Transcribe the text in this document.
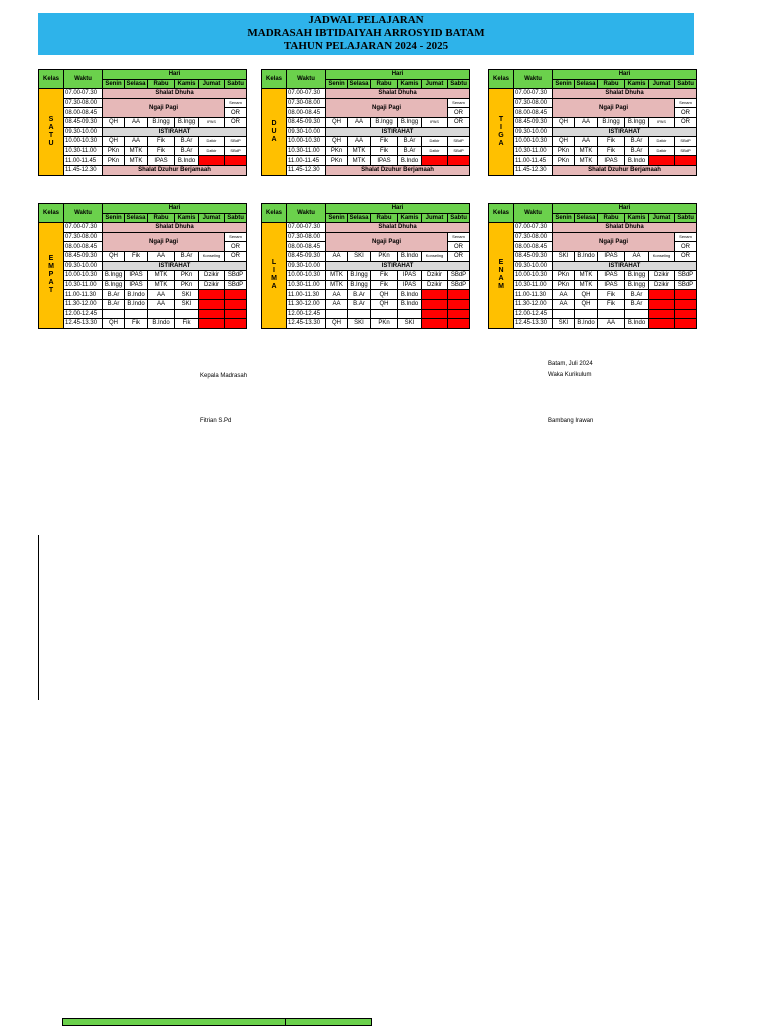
JADWAL PELAJARAN
MADRASAH IBTIDAIYAH ARROSYID BATAM
TAHUN PELAJARAN 2024 - 2025
Kelas	Waktu	Hari					
		Senin	Selasa	Rabu	Kamis	Jumat	Sabtu
S
A
T
U	07.00-07.30	Shalat Dhuha					
	07.30-08.00	Ngaji Pagi					Senam
	08.00-08.45						OR
	08.45-09.30	QH	AA	B.Ingg	B.Ingg	IPAS	OR
	09.30-10.00	ISTIRAHAT					
	10.00-10.30	QH	AA	Fik	B.Ar	Dzikir	SBdP
	10.30-11.00	PKn	MTK	Fik	B.Ar	Dzikir	SBdP
	11.00-11.45	PKn	MTK	IPAS	B.Indo		
	11.45-12.30	Shalat Dzuhur Berjamaah					
Kelas	Waktu	Hari					
		Senin	Selasa	Rabu	Kamis	Jumat	Sabtu
D
U
A	07.00-07.30	Shalat Dhuha					
	07.30-08.00	Ngaji Pagi					Senam
	08.00-08.45						OR
	08.45-09.30	QH	AA	B.Ingg	B.Ingg	IPAS	OR
	09.30-10.00	ISTIRAHAT					
	10.00-10.30	QH	AA	Fik	B.Ar	Dzikir	SBdP
	10.30-11.00	PKn	MTK	Fik	B.Ar	Dzikir	SBdP
	11.00-11.45	PKn	MTK	IPAS	B.Indo		
	11.45-12.30	Shalat Dzuhur Berjamaah					
Kelas	Waktu	Hari					
		Senin	Selasa	Rabu	Kamis	Jumat	Sabtu
T
I
G
A	07.00-07.30	Shalat Dhuha					
	07.30-08.00	Ngaji Pagi					Senam
	08.00-08.45						OR
	08.45-09.30	QH	AA	B.Ingg	B.Ingg	IPAS	OR
	09.30-10.00	ISTIRAHAT					
	10.00-10.30	QH	AA	Fik	B.Ar	Dzikir	SBdP
	10.30-11.00	PKn	MTK	Fik	B.Ar	Dzikir	SBdP
	11.00-11.45	PKn	MTK	IPAS	B.Indo		
	11.45-12.30	Shalat Dzuhur Berjamaah					
Kelas	Waktu	Hari					
		Senin	Selasa	Rabu	Kamis	Jumat	Sabtu
E
M
P
A
T	07.00-07.30	Shalat Dhuha					
	07.30-08.00	Ngaji Pagi					Senam
	08.00-08.45						OR
	08.45-09.30	QH	Fik	AA	B.Ar	Konseling	OR
	09.30-10.00	ISTIRAHAT					
	10.00-10.30	B.Ingg	IPAS	MTK	PKn	Dzikir	SBdP
	10.30-11.00	B.Ingg	IPAS	MTK	PKn	Dzikir	SBdP
	11.00-11.30	B.Ar	B.Indo	AA	SKI		
	11.30-12.00	B.Ar	B.Indo	AA	SKI		
	12.00-12.45						
	12.45-13.30	QH	Fik	B.Indo	Fik		
Kelas	Waktu	Hari					
		Senin	Selasa	Rabu	Kamis	Jumat	Sabtu
L
I
M
A	07.00-07.30	Shalat Dhuha					
	07.30-08.00	Ngaji Pagi					Senam
	08.00-08.45						OR
	08.45-09.30	AA	SKI	PKn	B.Indo	Konseling	OR
	09.30-10.00	ISTIRAHAT					
	10.00-10.30	MTK	B.Ingg	Fik	IPAS	Dzikir	SBdP
	10.30-11.00	MTK	B.Ingg	Fik	IPAS	Dzikir	SBdP
	11.00-11.30	AA	B.Ar	QH	B.Indo		
	11.30-12.00	AA	B.Ar	QH	B.Indo		
	12.00-12.45						
	12.45-13.30	QH	SKI	PKn	SKI		
Kelas	Waktu	Hari					
		Senin	Selasa	Rabu	Kamis	Jumat	Sabtu
E
N
A
M	07.00-07.30	Shalat Dhuha					
	07.30-08.00	Ngaji Pagi					Senam
	08.00-08.45						OR
	08.45-09.30	SKI	B.Indo	IPAS	AA	Konseling	OR
	09.30-10.00	ISTIRAHAT					
	10.00-10.30	PKn	MTK	IPAS	B.Ingg	Dzikir	SBdP
	10.30-11.00	PKn	MTK	IPAS	B.Ingg	Dzikir	SBdP
	11.00-11.30	AA	QH	Fik	B.Ar		
	11.30-12.00	AA	QH	Fik	B.Ar		
	12.00-12.45						
	12.45-13.30	SKI	B.Indo	AA	B.Indo		
Kepala Madrasah
Fitrian S.Pd
Batam, Juli 2024
Waka Kurikulum
Bambang Irawan
